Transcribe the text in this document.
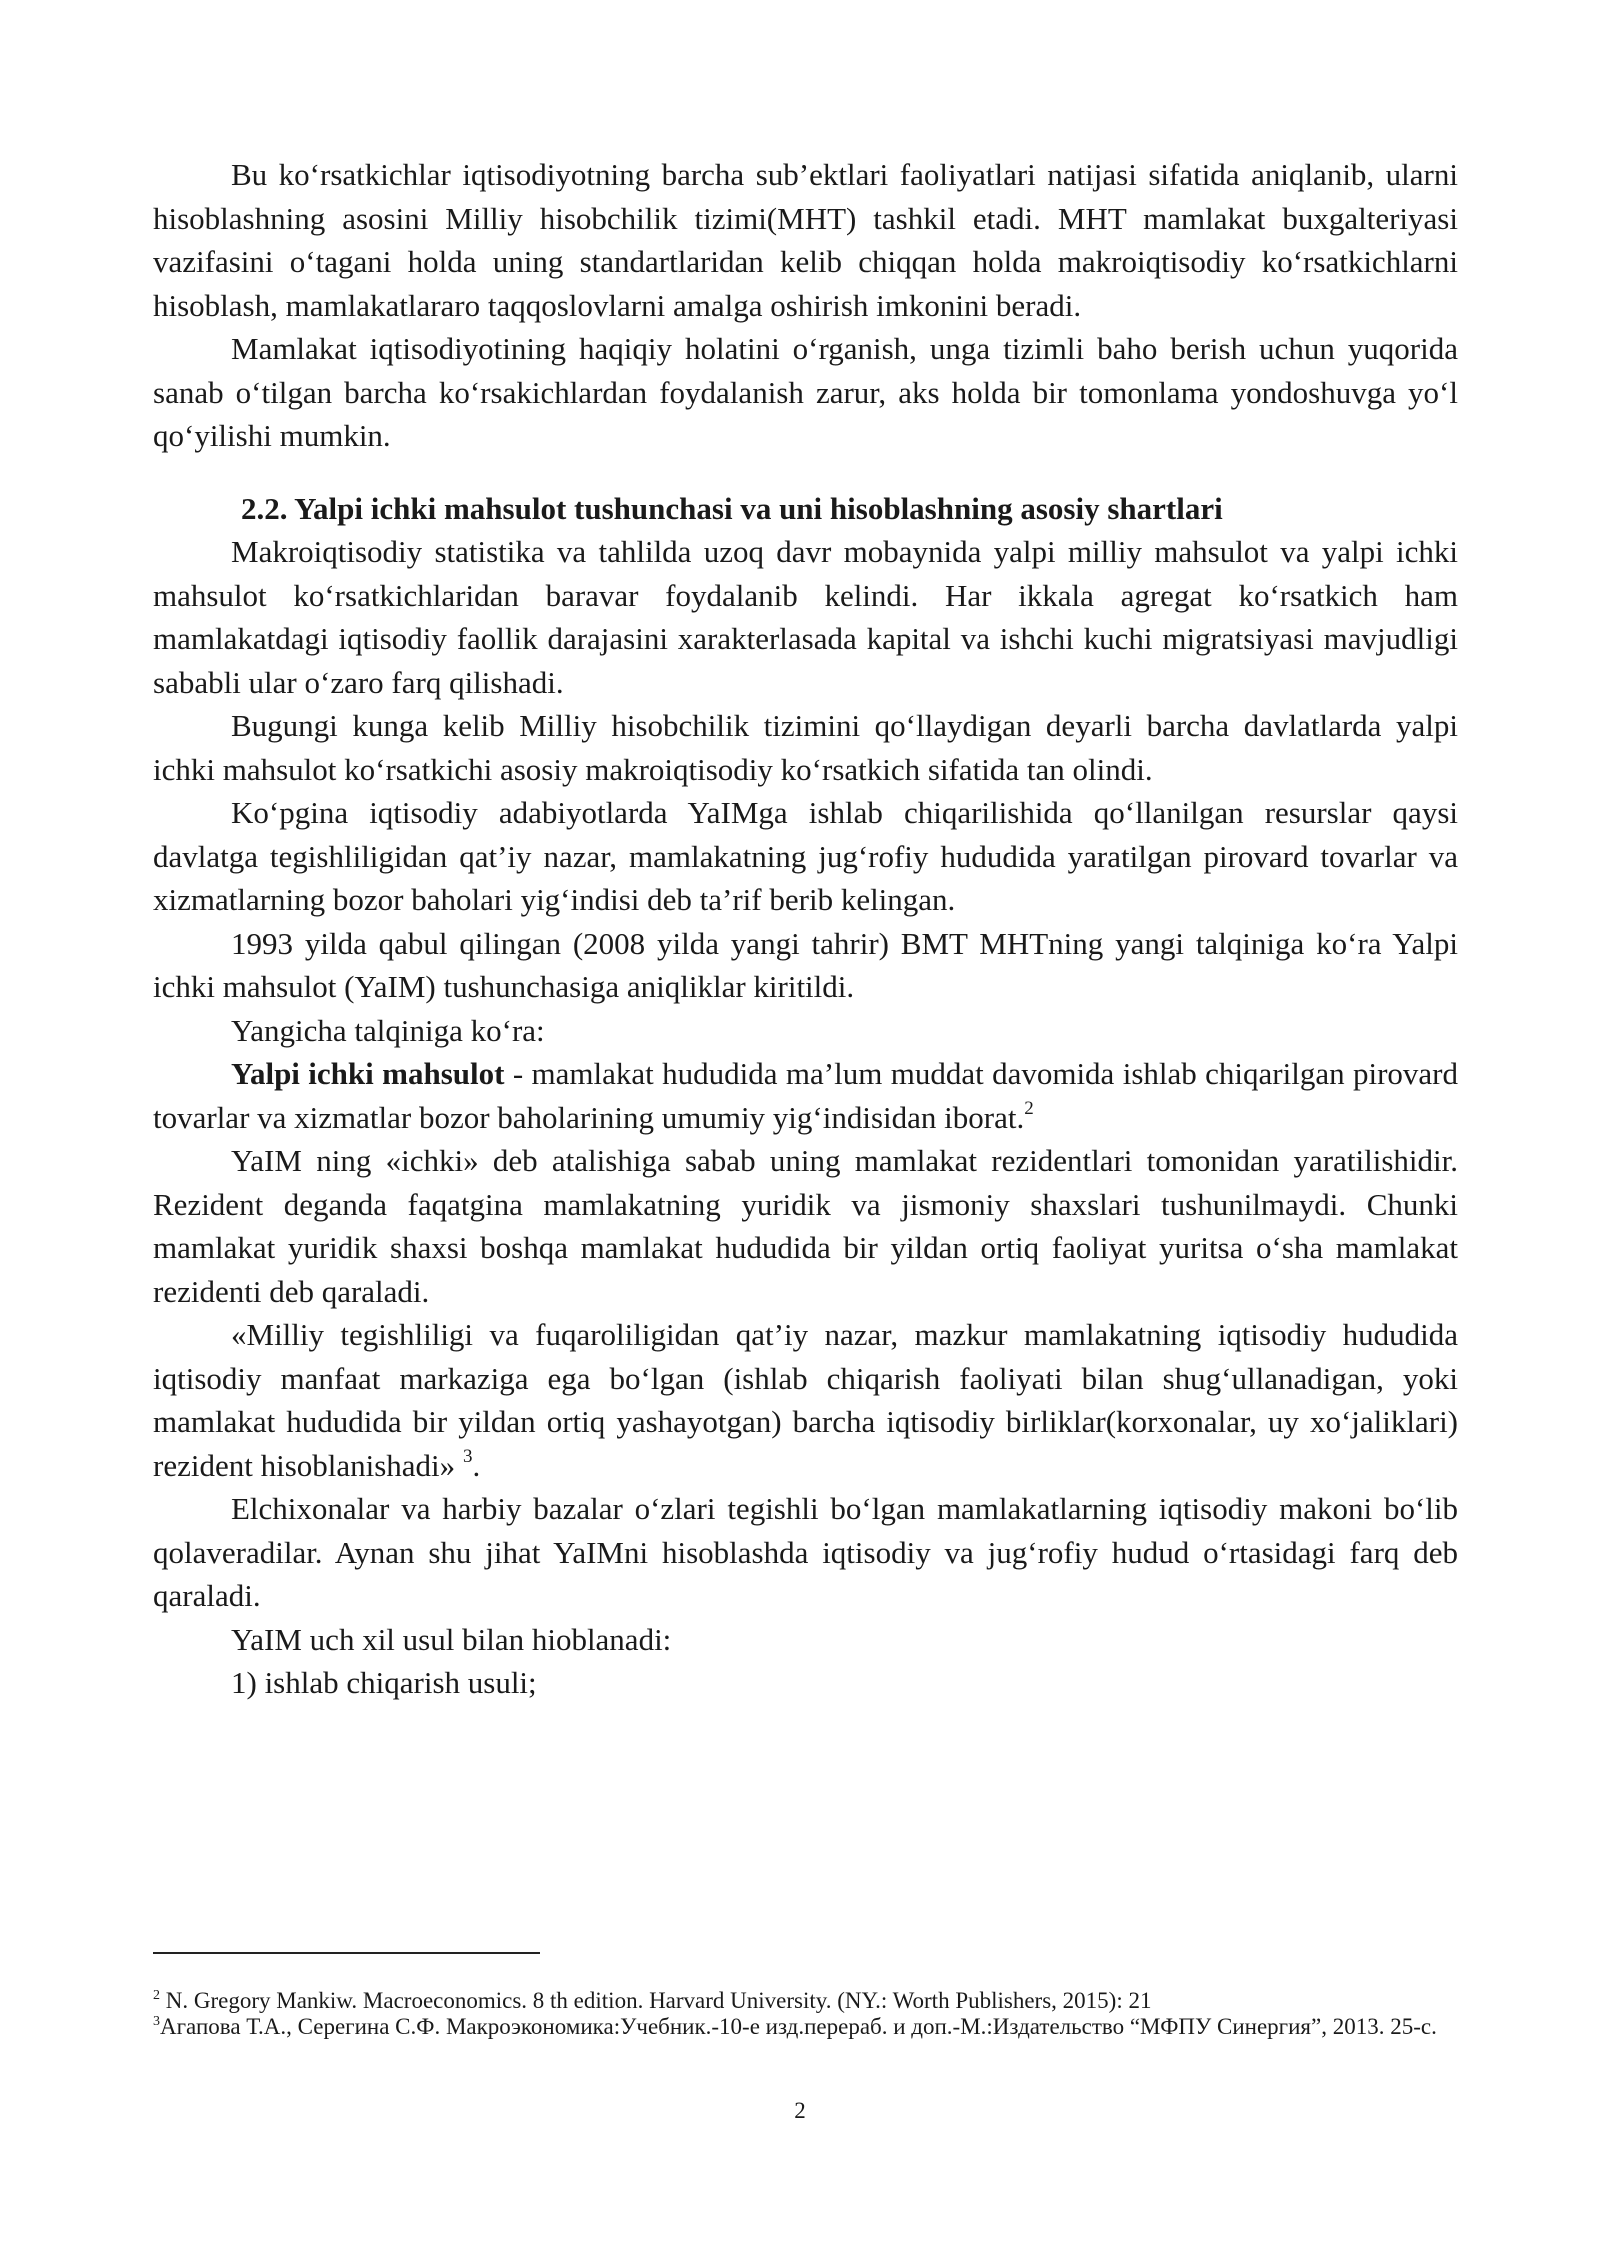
Bu ko‘rsatkichlar iqtisodiyotning barcha sub’ektlari faoliyatlari natijasi sifatida aniqlanib, ularni hisoblashning asosini Milliy hisobchilik tizimi(MHT) tashkil etadi. MHT mamlakat buxgalteriyasi vazifasini o‘tagani holda uning standartlaridan kelib chiqqan holda makroiqtisodiy ko‘rsatkichlarni hisoblash, mamlakatlararo taqqoslovlarni amalga oshirish imkonini beradi.

Mamlakat iqtisodiyotining haqiqiy holatini o‘rganish, unga tizimli baho berish uchun yuqorida sanab o‘tilgan barcha ko‘rsakichlardan foydalanish zarur, aks holda bir tomonlama yondoshuvga yo‘l qo‘yilishi mumkin.

2.2. Yalpi ichki mahsulot tushunchasi va uni hisoblashning asosiy shartlari

Makroiqtisodiy statistika va tahlilda uzoq davr mobaynida yalpi milliy mahsulot va yalpi ichki mahsulot ko‘rsatkichlaridan baravar foydalanib kelindi. Har ikkala agregat ko‘rsatkich ham mamlakatdagi iqtisodiy faollik darajasini xarakterlasada kapital va ishchi kuchi migratsiyasi mavjudligi sababli ular o‘zaro farq qilishadi.

Bugungi kunga kelib Milliy hisobchilik tizimini qo‘llaydigan deyarli barcha davlatlarda yalpi ichki mahsulot ko‘rsatkichi asosiy makroiqtisodiy ko‘rsatkich sifatida tan olindi.

Ko‘pgina iqtisodiy adabiyotlarda YaIMga ishlab chiqarilishida qo‘llanilgan resurslar qaysi davlatga tegishliligidan qat’iy nazar, mamlakatning jug‘rofiy hududida yaratilgan pirovard tovarlar va xizmatlarning bozor baholari yig‘indisi deb ta’rif berib kelingan.

1993 yilda qabul qilingan (2008 yilda yangi tahrir) BMT MHTning yangi talqiniga ko‘ra Yalpi ichki mahsulot (YaIM) tushunchasiga aniqliklar kiritildi.

Yangicha talqiniga ko‘ra:

Yalpi ichki mahsulot - mamlakat hududida ma’lum muddat davomida ishlab chiqarilgan pirovard tovarlar va xizmatlar bozor baholarining umumiy yig‘indisidan iborat.$^2$

YaIM ning «ichki» deb atalishiga sabab uning mamlakat rezidentlari tomonidan yaratilishidir. Rezident deganda faqatgina mamlakatning yuridik va jismoniy shaxslari tushunilmaydi. Chunki mamlakat yuridik shaxsi boshqa mamlakat hududida bir yildan ortiq faoliyat yuritsa o‘sha mamlakat rezidenti deb qaraladi.

«Milliy tegishliligi va fuqaroliligidan qat’iy nazar, mazkur mamlakatning iqtisodiy hududida iqtisodiy manfaat markaziga ega bo‘lgan (ishlab chiqarish faoliyati bilan shug‘ullanadigan, yoki mamlakat hududida bir yildan ortiq yashayotgan) barcha iqtisodiy birliklar(korxonalar, uy xo‘jaliklari) rezident hisoblanishadi» $^3$.

Elchixonalar va harbiy bazalar o‘zlari tegishli bo‘lgan mamlakatlarning iqtisodiy makoni bo‘lib qolaveradilar. Aynan shu jihat YaIMni hisoblashda iqtisodiy va jug‘rofiy hudud o‘rtasidagi farq deb qaraladi.

YaIM uch xil usul bilan hioblanadi:

1) ishlab chiqarish usuli;

$^2$ N. Gregory Mankiw. Macroeconomics. 8 th edition. Harvard University. (NY.: Worth Publishers, 2015): 21
$^3$Агапова Т.А., Серегина С.Ф. Макроэкономика:Учебник.-10-е изд.перераб. и доп.-М.:Издательство “МФПУ Синергия”, 2013. 25-с.
2
